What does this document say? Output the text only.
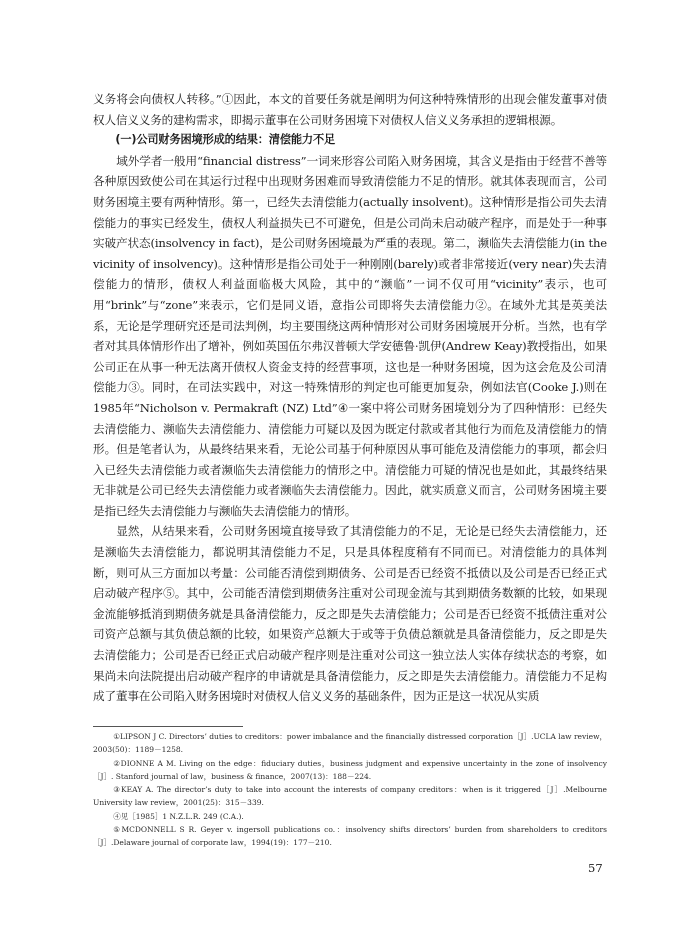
义务将会向债权人转移。”①因此，本文的首要任务就是阐明为何这种特殊情形的出现会催发董事对债权人信义义务的建构需求，即揭示董事在公司财务困境下对债权人信义义务承担的逻辑根源。

(一)公司财务困境形成的结果：清偿能力不足

域外学者一般用“financial distress”一词来形容公司陷入财务困境，其含义是指由于经营不善等各种原因致使公司在其运行过程中出现财务困难而导致清偿能力不足的情形。就其体表现而言，公司财务困境主要有两种情形。第一，已经失去清偿能力(actually insolvent)。这种情形是指公司失去清偿能力的事实已经发生，债权人利益损失已不可避免，但是公司尚未启动破产程序，而是处于一种事实破产状态(insolvency in fact)，是公司财务困境最为严重的表现。第二，濒临失去清偿能力(in the vicinity of insolvency)。这种情形是指公司处于一种刚刚(barely)或者非常接近(very near)失去清偿能力的情形，债权人利益面临极大风险，其中的“濒临”一词不仅可用“vicinity”表示，也可用“brink”与“zone”来表示，它们是同义语，意指公司即将失去清偿能力②。在域外尤其是英美法系，无论是学理研究还是司法判例，均主要围绕这两种情形对公司财务困境展开分析。当然，也有学者对其具体情形作出了增补，例如英国伍尔弗汉普顿大学安德鲁·凯伊(Andrew Keay)教授指出，如果公司正在从事一种无法离开债权人资金支持的经营事项，这也是一种财务困境，因为这会危及公司清偿能力③。同时，在司法实践中，对这一特殊情形的判定也可能更加复杂，例如法官(Cooke J.)则在1985年“Nicholson v. Permakraft (NZ) Ltd”④一案中将公司财务困境划分为了四种情形：已经失去清偿能力、濒临失去清偿能力、清偿能力可疑以及因为既定付款或者其他行为而危及清偿能力的情形。但是笔者认为，从最终结果来看，无论公司基于何种原因从事可能危及清偿能力的事项，都会归入已经失去清偿能力或者濒临失去清偿能力的情形之中。清偿能力可疑的情况也是如此，其最终结果无非就是公司已经失去清偿能力或者濒临失去清偿能力。因此，就实质意义而言，公司财务困境主要是指已经失去清偿能力与濒临失去清偿能力的情形。

显然，从结果来看，公司财务困境直接导致了其清偿能力的不足，无论是已经失去清偿能力，还是濒临失去清偿能力，都说明其清偿能力不足，只是具体程度稍有不同而已。对清偿能力的具体判断，则可从三方面加以考量：公司能否清偿到期债务、公司是否已经资不抵债以及公司是否已经正式启动破产程序⑤。其中，公司能否清偿到期债务注重对公司现金流与其到期债务数额的比较，如果现金流能够抵消到期债务就是具备清偿能力，反之即是失去清偿能力；公司是否已经资不抵债注重对公司资产总额与其负债总额的比较，如果资产总额大于或等于负债总额就是具备清偿能力，反之即是失去清偿能力；公司是否已经正式启动破产程序则是注重对公司这一独立法人实体存续状态的考察，如果尚未向法院提出启动破产程序的申请就是具备清偿能力，反之即是失去清偿能力。清偿能力不足构成了董事在公司陷入财务困境时对债权人信义义务的基础条件，因为正是这一状况从实质

①LIPSON J C. Directors’ duties to creditors：power imbalance and the financially distressed corporation［J］.UCLA law review，2003(50)：1189－1258.
②DIONNE A M. Living on the edge：fiduciary duties，business judgment and expensive uncertainty in the zone of insolvency［J］. Stanford journal of law，business & finance，2007(13)：188－224.
③KEAY A. The director’s duty to take into account the interests of company creditors：when is it triggered［J］.Melbourne University law review，2001(25)：315－339.
④见［1985］1 N.Z.L.R. 249 (C.A.).
⑤MCDONNELL S R. Geyer v. ingersoll publications co.：insolvency shifts directors’ burden from shareholders to creditors［J］.Delaware journal of corporate law，1994(19)：177－210.
57
